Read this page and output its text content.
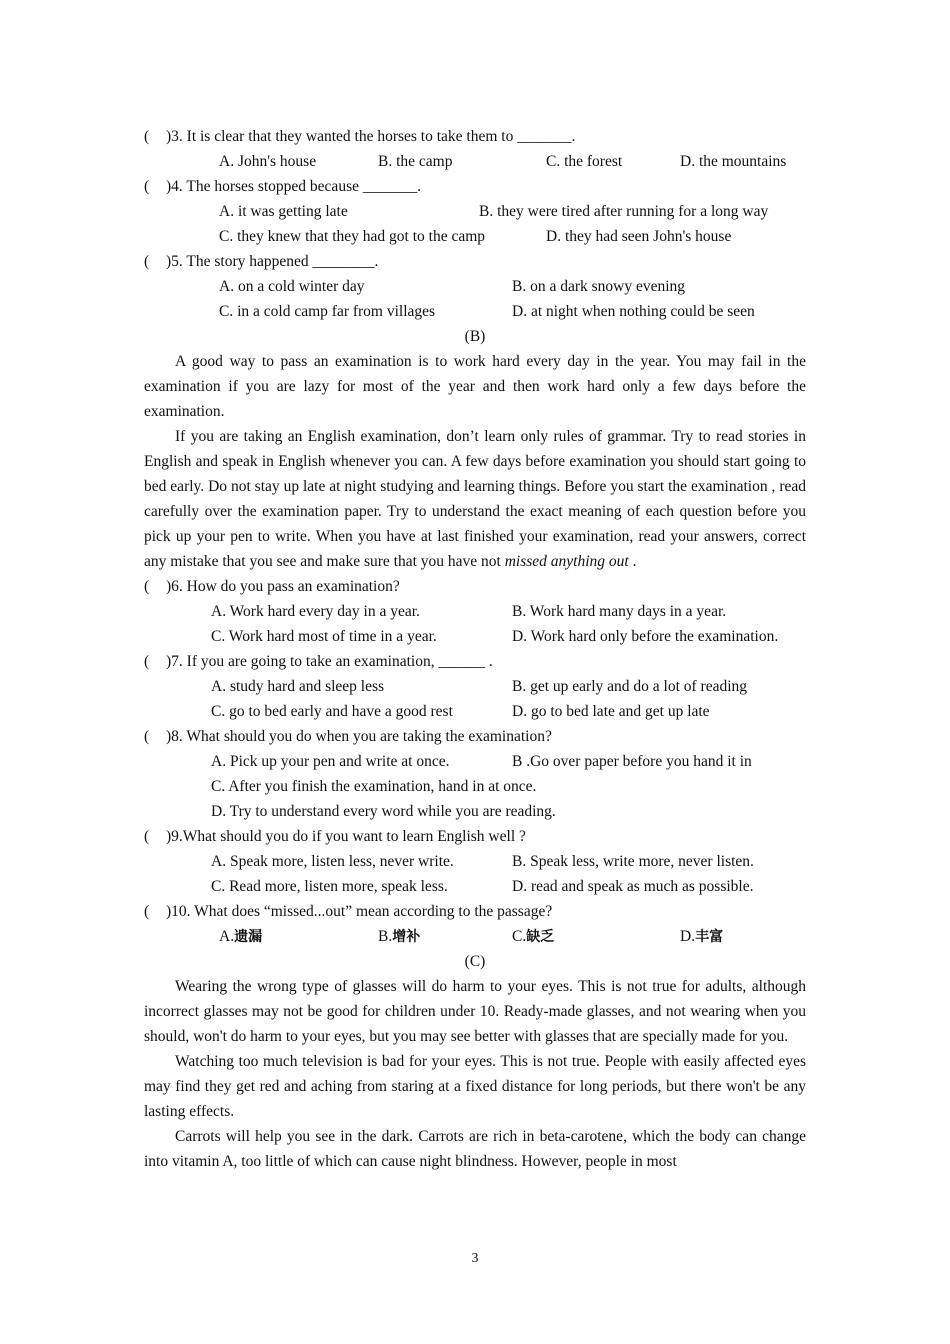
(	)3. It is clear that they wanted the horses to take them to _______.
A. John's house	B. the camp	C. the forest	D. the mountains
(	)4. The horses stopped because _______.
A. it was getting late	B. they were tired after running for a long way
C. they knew that they had got to the camp	D. they had seen John's house
(	)5. The story happened ________.
A. on a cold winter day	B. on a dark snowy evening
C. in a cold camp far from villages	D. at night when nothing could be seen
(B)

A good way to pass an examination is to work hard every day in the year. You may fail in the examination if you are lazy for most of the year and then work hard only a few days before the examination.

If you are taking an English examination, don’t learn only rules of grammar. Try to read stories in English and speak in English whenever you can. A few days before examination you should start going to bed early. Do not stay up late at night studying and learning things. Before you start the examination , read carefully over the examination paper. Try to understand the exact meaning of each question before you pick up your pen to write. When you have at last finished your examination, read your answers, correct any mistake that you see and make sure that you have not missed anything out .

(	)6. How do you pass an examination?
A. Work hard every day in a year.	B. Work hard many days in a year.
C. Work hard most of time in a year.	D. Work hard only before the examination.
(	)7. If you are going to take an examination, ______ .
A. study hard and sleep less	B. get up early and do a lot of reading
C. go to bed early and have a good rest	D. go to bed late and get up late
(	)8. What should you do when you are taking the examination?
A. Pick up your pen and write at once.	B .Go over paper before you hand it in
C. After you finish the examination, hand in at once.
D. Try to understand every word while you are reading.
(	)9.What should you do if you want to learn English well ?
A. Speak more, listen less, never write.	B. Speak less, write more, never listen.
C. Read more, listen more, speak less.	D. read and speak as much as possible.
(	)10. What does “missed...out” mean according to the passage?
A.遗漏	B.增补	C.缺乏	D.丰富
(C)

Wearing the wrong type of glasses will do harm to your eyes. This is not true for adults, although incorrect glasses may not be good for children under 10. Ready-made glasses, and not wearing when you should, won't do harm to your eyes, but you may see better with glasses that are specially made for you.

Watching too much television is bad for your eyes. This is not true. People with easily affected eyes may find they get red and aching from staring at a fixed distance for long periods, but there won't be any lasting effects.

Carrots will help you see in the dark. Carrots are rich in beta-carotene, which the body can change into vitamin A, too little of which can cause night blindness. However, people in most

3
